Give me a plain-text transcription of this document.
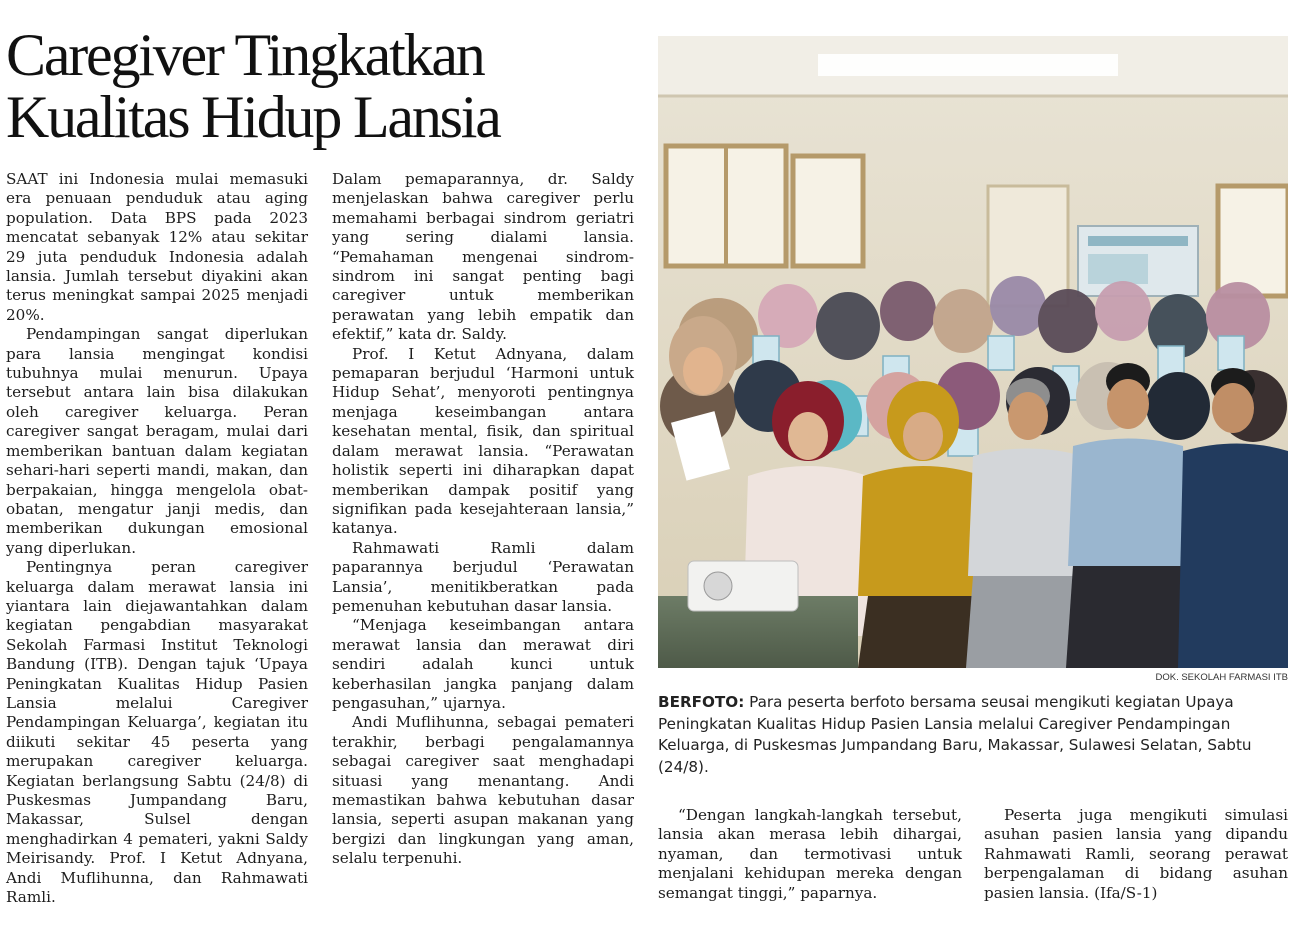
Caregiver Tingkatkan
Kualitas Hidup Lansia

SAAT ini Indonesia mulai memasuki era penuaan penduduk atau aging population. Data BPS pada 2023 mencatat sebanyak 12% atau sekitar 29 juta penduduk Indonesia adalah lansia. Jumlah tersebut diyakini akan terus meningkat sampai 2025 menjadi 20%.

Pendampingan sangat diperlukan para lansia mengingat kondisi tubuhnya mulai menurun. Upaya tersebut antara lain bisa dilakukan oleh caregiver keluarga. Peran caregiver sangat beragam, mulai dari memberikan bantuan dalam kegiatan sehari-hari seperti mandi, makan, dan berpakaian, hingga mengelola obat-obatan, mengatur janji medis, dan memberikan dukungan emosional yang diperlukan.

Pentingnya peran caregiver keluarga dalam merawat lansia ini yiantara lain diejawantahkan dalam kegiatan pengabdian masyarakat Sekolah Farmasi Institut Teknologi Bandung (ITB). Dengan tajuk ‘Upaya Peningkatan Kualitas Hidup Pasien Lansia melalui Caregiver Pendampingan Keluarga’, kegiatan itu diikuti sekitar 45 peserta yang merupakan caregiver keluarga. Kegiatan berlangsung Sabtu (24/8) di Puskesmas Jumpandang Baru, Makassar, Sulsel dengan menghadirkan 4 pemateri, yakni Saldy Meirisandy. Prof. I Ketut Adnyana, Andi Muflihunna, dan Rahmawati Ramli.

Dalam pemaparannya, dr. Saldy menjelaskan bahwa caregiver perlu memahami berbagai sindrom geriatri yang sering dialami lansia. “Pemahaman mengenai sindrom-sindrom ini sangat penting bagi caregiver untuk memberikan perawatan yang lebih empatik dan efektif,” kata dr. Saldy.

Prof. I Ketut Adnyana, dalam pemaparan berjudul ‘Harmoni untuk Hidup Sehat’, menyoroti pentingnya menjaga keseimbangan antara kesehatan mental, fisik, dan spiritual dalam merawat lansia. “Perawatan holistik seperti ini diharapkan dapat memberikan dampak positif yang signifikan pada kesejahteraan lansia,” katanya.

Rahmawati Ramli dalam paparannya berjudul ‘Perawatan Lansia’, menitikberatkan pada pemenuhan kebutuhan dasar lansia.

“Menjaga keseimbangan antara merawat lansia dan merawat diri sendiri adalah kunci untuk keberhasilan jangka panjang dalam pengasuhan,” ujarnya.

Andi Muflihunna, sebagai pemateri terakhir, berbagi pengalamannya sebagai caregiver saat menghadapi situasi yang menantang. Andi memastikan bahwa kebutuhan dasar lansia, seperti asupan makanan yang bergizi dan lingkungan yang aman, selalu terpenuhi.

DOK. SEKOLAH FARMASI ITB
BERFOTO: Para peserta berfoto bersama seusai mengikuti kegiatan Upaya Peningkatan Kualitas Hidup Pasien Lansia melalui Caregiver Pendampingan Keluarga, di Puskesmas Jumpandang Baru, Makassar, Sulawesi Selatan, Sabtu (24/8).

“Dengan langkah-langkah tersebut, lansia akan merasa lebih dihargai, nyaman, dan termotivasi untuk menjalani kehidupan mereka dengan semangat tinggi,” paparnya.

Peserta juga mengikuti simulasi asuhan pasien lansia yang dipandu Rahmawati Ramli, seorang perawat berpengalaman di bidang asuhan pasien lansia. (Ifa/S-1)
